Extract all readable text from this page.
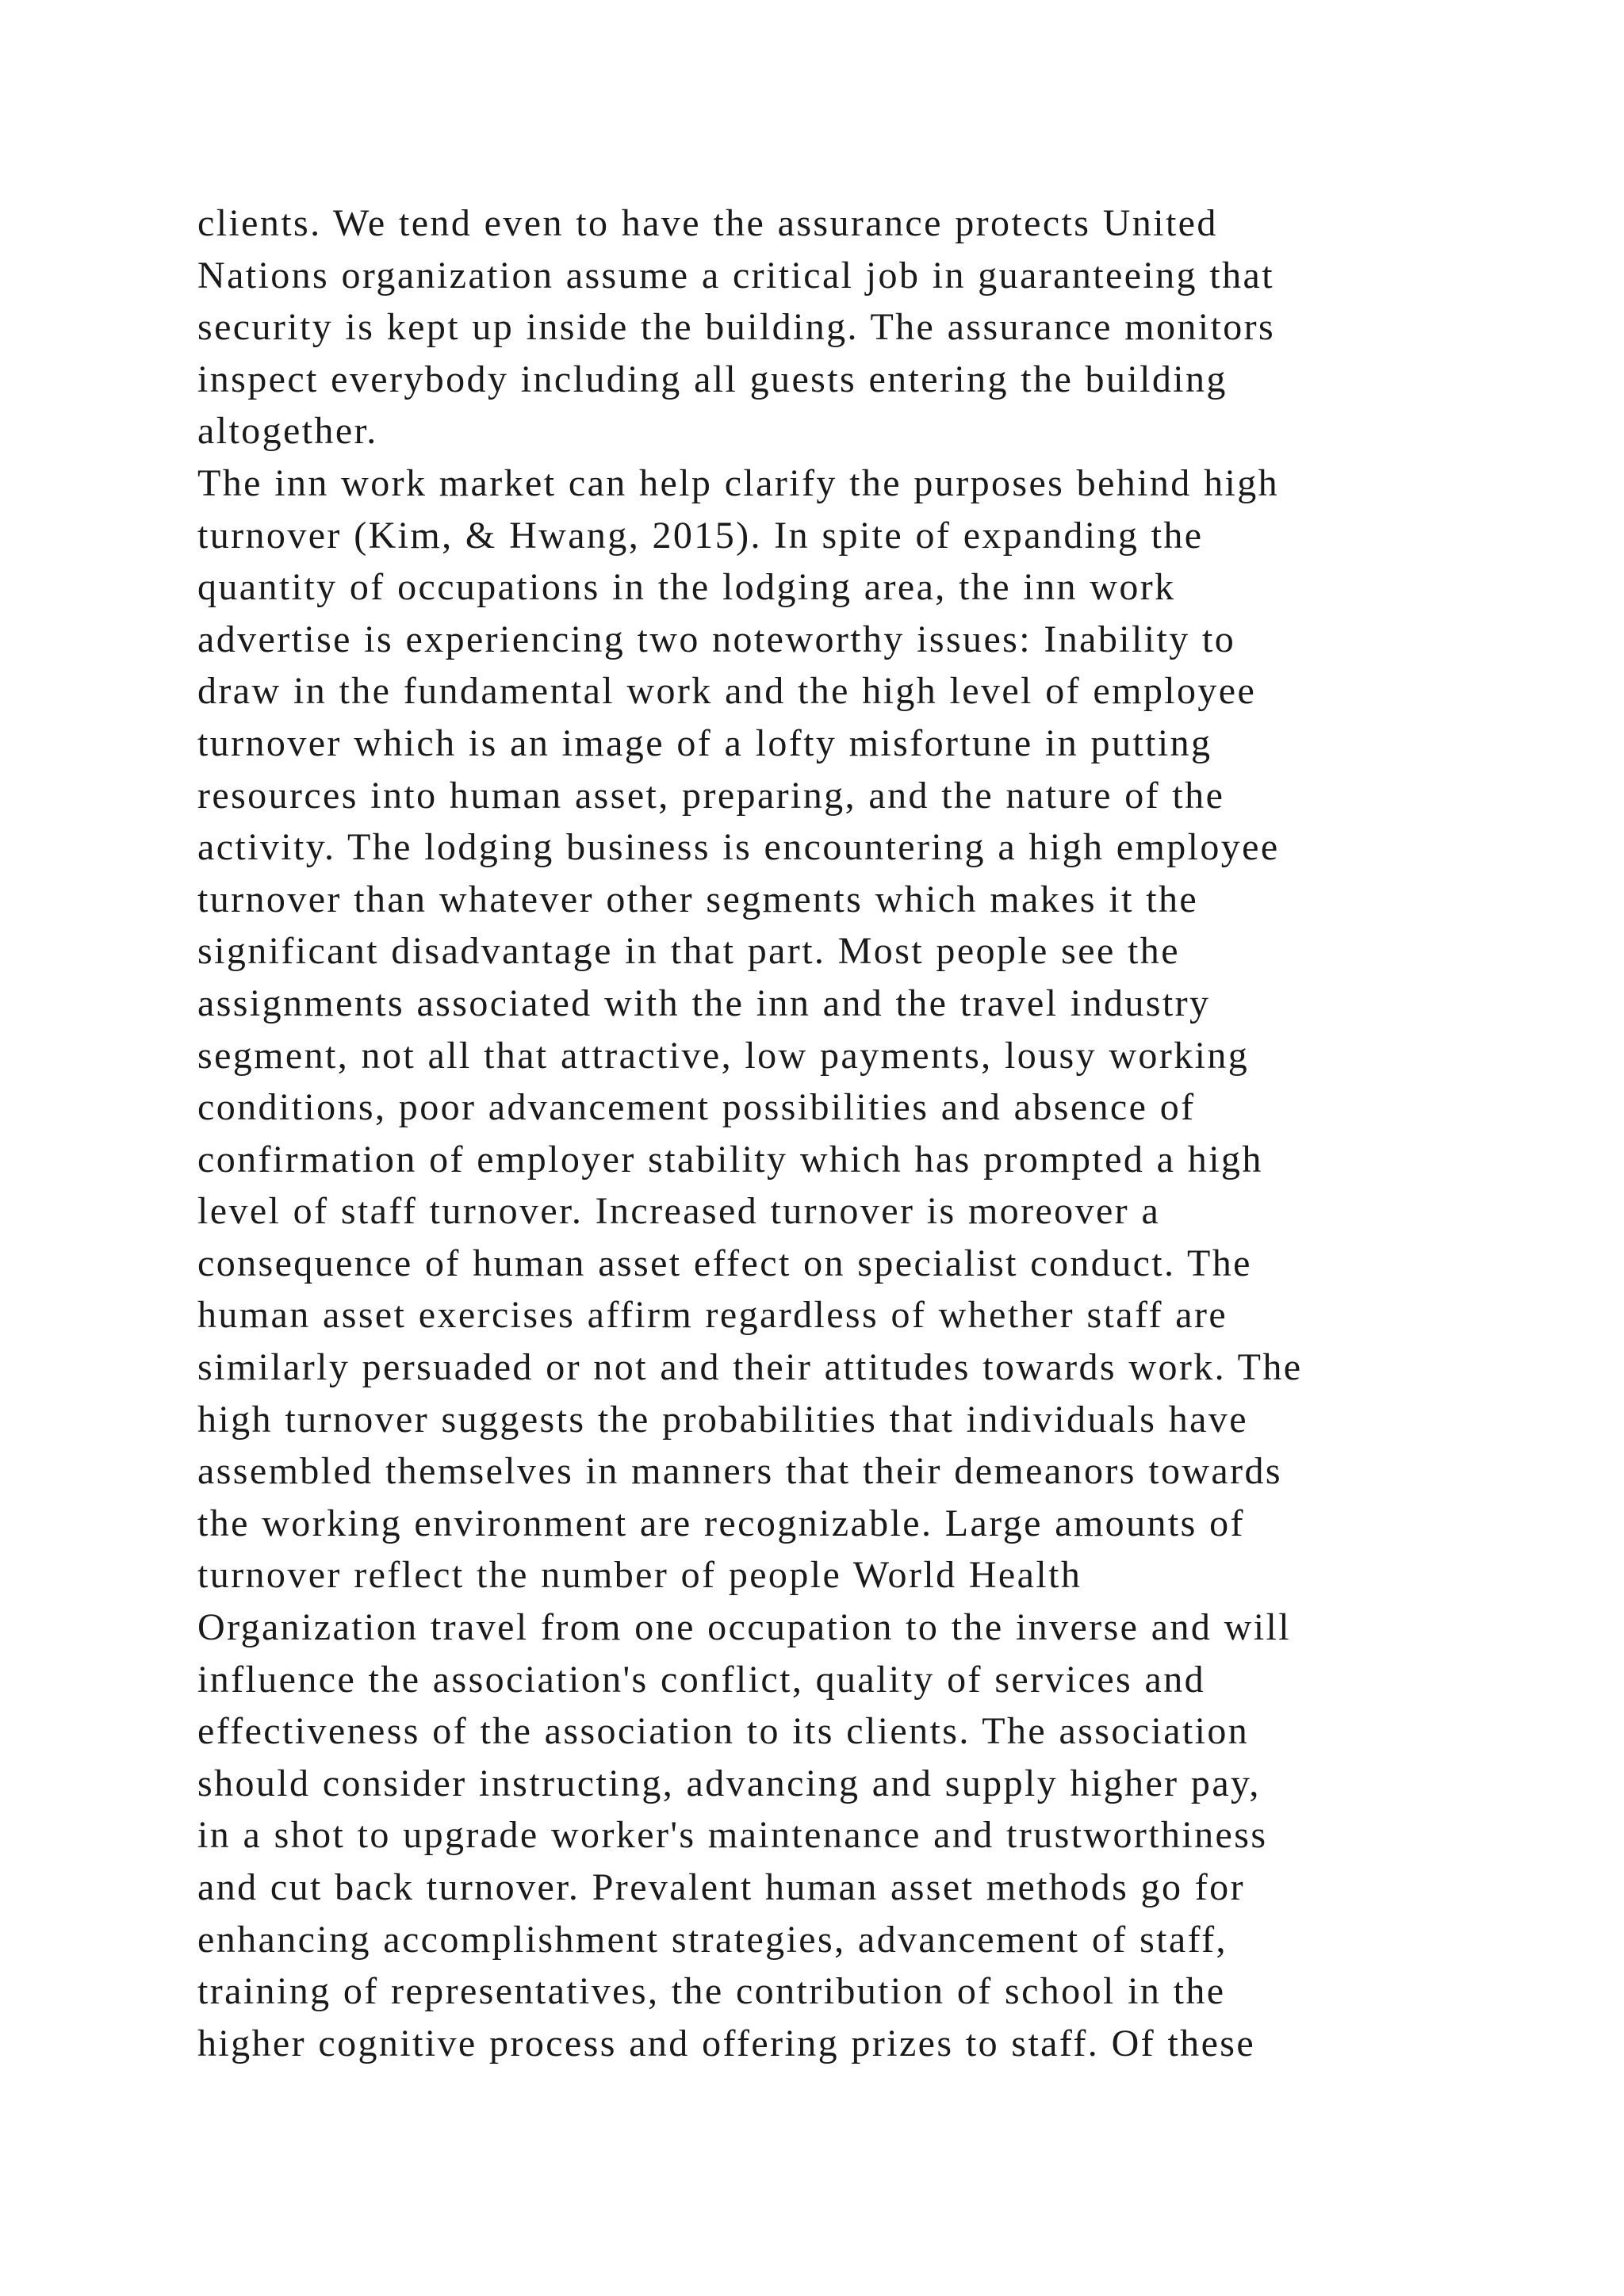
clients. We tend even to have the assurance protects United
Nations organization assume a critical job in guaranteeing that
security is kept up inside the building. The assurance monitors
inspect everybody including all guests entering the building
altogether.
The inn work market can help clarify the purposes behind high
turnover (Kim, & Hwang, 2015). In spite of expanding the
quantity of occupations in the lodging area, the inn work
advertise is experiencing two noteworthy issues: Inability to
draw in the fundamental work and the high level of employee
turnover which is an image of a lofty misfortune in putting
resources into human asset, preparing, and the nature of the
activity. The lodging business is encountering a high employee
turnover than whatever other segments which makes it the
significant disadvantage in that part. Most people see the
assignments associated with the inn and the travel industry
segment, not all that attractive, low payments, lousy working
conditions, poor advancement possibilities and absence of
confirmation of employer stability which has prompted a high
level of staff turnover. Increased turnover is moreover a
consequence of human asset effect on specialist conduct. The
human asset exercises affirm regardless of whether staff are
similarly persuaded or not and their attitudes towards work. The
high turnover suggests the probabilities that individuals have
assembled themselves in manners that their demeanors towards
the working environment are recognizable. Large amounts of
turnover reflect the number of people World Health
Organization travel from one occupation to the inverse and will
influence the association's conflict, quality of services and
effectiveness of the association to its clients. The association
should consider instructing, advancing and supply higher pay,
in a shot to upgrade worker's maintenance and trustworthiness
and cut back turnover. Prevalent human asset methods go for
enhancing accomplishment strategies, advancement of staff,
training of representatives, the contribution of school in the
higher cognitive process and offering prizes to staff. Of these
